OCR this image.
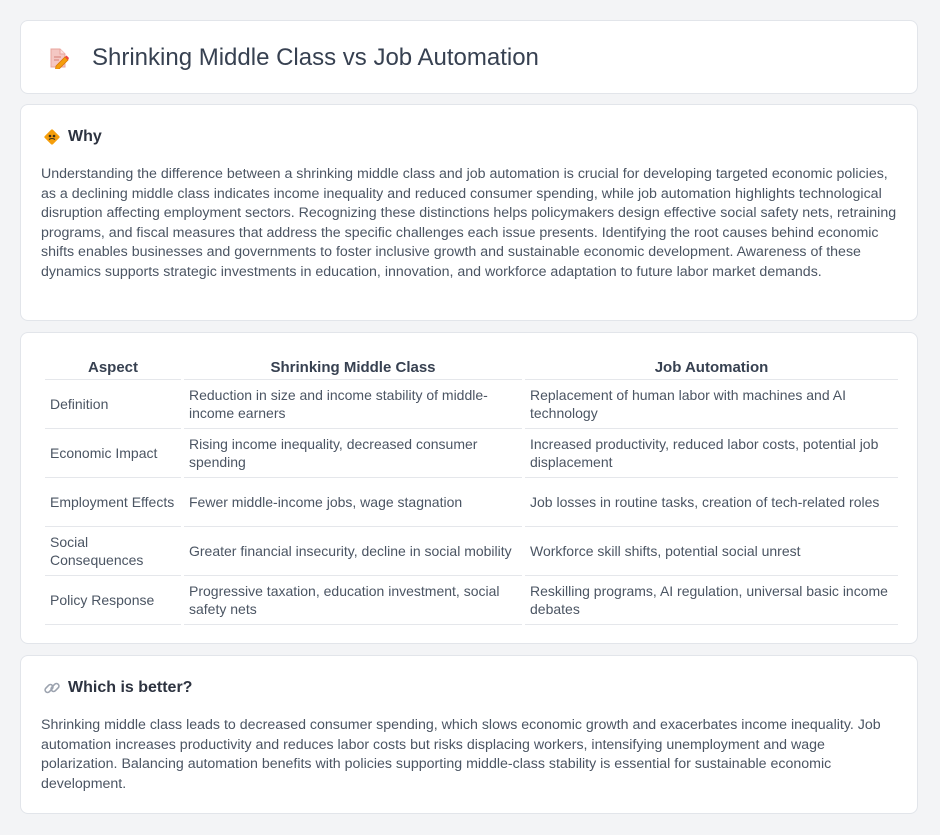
Shrinking Middle Class vs Job Automation
Why

Understanding the difference between a shrinking middle class and job automation is crucial for developing targeted economic policies, as a declining middle class indicates income inequality and reduced consumer spending, while job automation highlights technological disruption affecting employment sectors. Recognizing these distinctions helps policymakers design effective social safety nets, retraining programs, and fiscal measures that address the specific challenges each issue presents. Identifying the root causes behind economic shifts enables businesses and governments to foster inclusive growth and sustainable economic development. Awareness of these dynamics supports strategic investments in education, innovation, and workforce adaptation to future labor market demands.

Aspect	Shrinking Middle Class	Job Automation
Definition	Reduction in size and income stability of middle-income earners	Replacement of human labor with machines and AI technology
Economic Impact	Rising income inequality, decreased consumer spending	Increased productivity, reduced labor costs, potential job displacement
Employment Effects	Fewer middle-income jobs, wage stagnation	Job losses in routine tasks, creation of tech-related roles
Social Consequences	Greater financial insecurity, decline in social mobility	Workforce skill shifts, potential social unrest
Policy Response	Progressive taxation, education investment, social safety nets	Reskilling programs, AI regulation, universal basic income debates
Which is better?

Shrinking middle class leads to decreased consumer spending, which slows economic growth and exacerbates income inequality. Job automation increases productivity and reduces labor costs but risks displacing workers, intensifying unemployment and wage polarization. Balancing automation benefits with policies supporting middle-class stability is essential for sustainable economic development.
